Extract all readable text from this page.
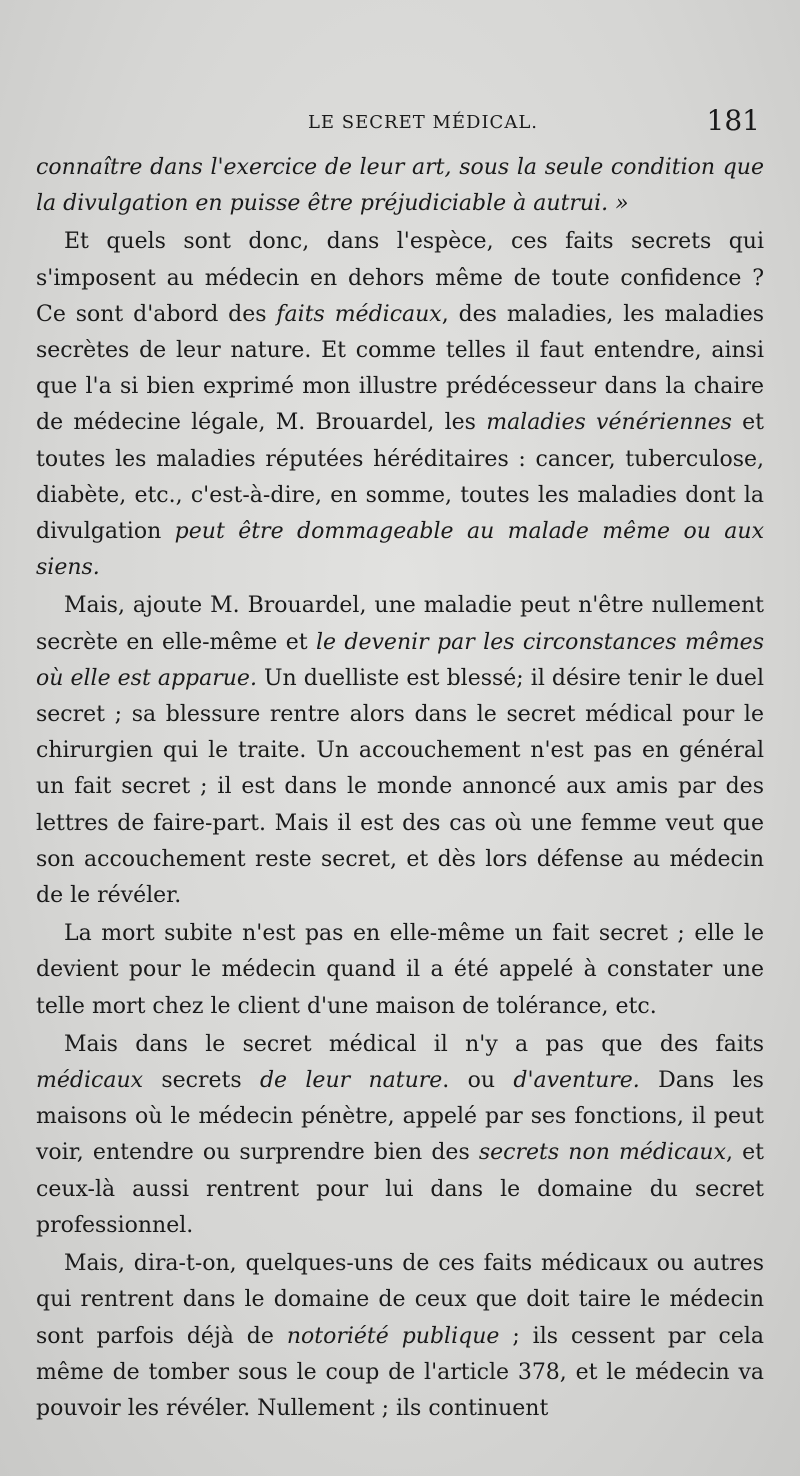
LE SECRET MÉDICAL.	181

connaître dans l'exercice de leur art, sous la seule condition que la divulgation en puisse être préjudiciable à autrui. »

Et quels sont donc, dans l'espèce, ces faits secrets qui s'imposent au médecin en dehors même de toute confidence ? Ce sont d'abord des faits médicaux, des maladies, les maladies secrètes de leur nature. Et comme telles il faut entendre, ainsi que l'a si bien exprimé mon illustre prédécesseur dans la chaire de médecine légale, M. Brouardel, les maladies vénériennes et toutes les maladies réputées héréditaires : cancer, tuberculose, diabète, etc., c'est-à-dire, en somme, toutes les maladies dont la divulgation peut être dommageable au malade même ou aux siens.

Mais, ajoute M. Brouardel, une maladie peut n'être nullement secrète en elle-même et le devenir par les circonstances mêmes où elle est apparue. Un duelliste est blessé; il désire tenir le duel secret ; sa blessure rentre alors dans le secret médical pour le chirurgien qui le traite. Un accouchement n'est pas en général un fait secret ; il est dans le monde annoncé aux amis par des lettres de faire-part. Mais il est des cas où une femme veut que son accouchement reste secret, et dès lors défense au médecin de le révéler.

La mort subite n'est pas en elle-même un fait secret ; elle le devient pour le médecin quand il a été appelé à constater une telle mort chez le client d'une maison de tolérance, etc.

Mais dans le secret médical il n'y a pas que des faits médicaux secrets de leur nature. ou d'aventure. Dans les maisons où le médecin pénètre, appelé par ses fonctions, il peut voir, entendre ou surprendre bien des secrets non médicaux, et ceux-là aussi rentrent pour lui dans le domaine du secret professionnel.

Mais, dira-t-on, quelques-uns de ces faits médicaux ou autres qui rentrent dans le domaine de ceux que doit taire le médecin sont parfois déjà de notoriété publique ; ils cessent par cela même de tomber sous le coup de l'article 378, et le médecin va pouvoir les révéler. Nullement ; ils continuent
